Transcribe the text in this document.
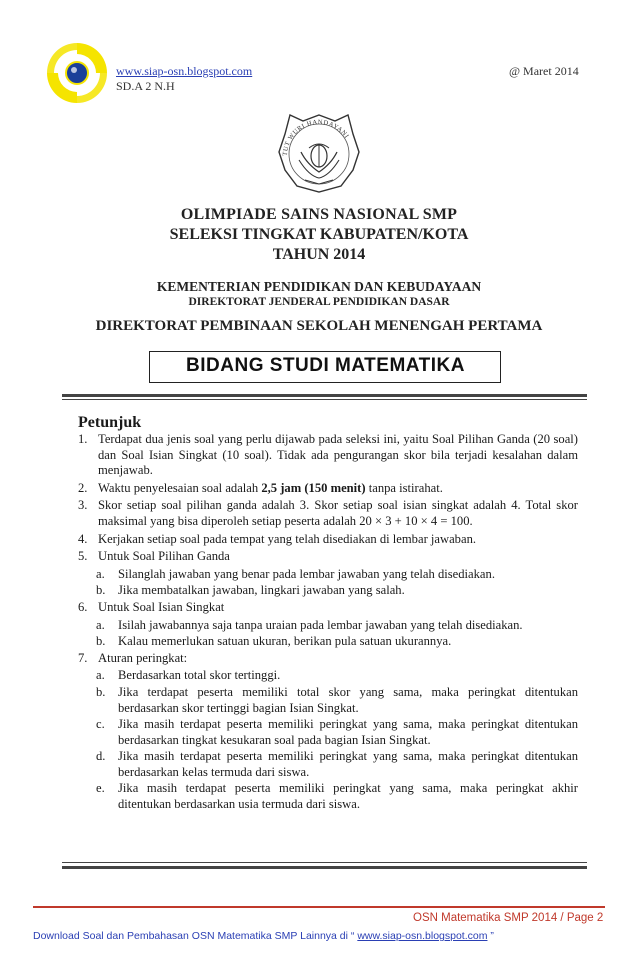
www.siap-osn.blogspot.com
SD.A 2 N.H
@ Maret 2014
TUT WURI HANDAYANI
OLIMPIADE SAINS NASIONAL SMP
SELEKSI TINGKAT KABUPATEN/KOTA
TAHUN 2014
KEMENTERIAN PENDIDIKAN DAN KEBUDAYAAN
DIREKTORAT JENDERAL PENDIDIKAN DASAR
DIREKTORAT PEMBINAAN SEKOLAH MENENGAH PERTAMA
BIDANG STUDI MATEMATIKA
Petunjuk
1. Terdapat dua jenis soal yang perlu dijawab pada seleksi ini, yaitu Soal Pilihan Ganda (20 soal) dan Soal Isian Singkat (10 soal). Tidak ada pengurangan skor bila terjadi kesalahan dalam menjawab.
2. Waktu penyelesaian soal adalah 2,5 jam (150 menit) tanpa istirahat.
3. Skor setiap soal pilihan ganda adalah 3. Skor setiap soal isian singkat adalah 4. Total skor maksimal yang bisa diperoleh setiap peserta adalah 20 × 3 + 10 × 4 = 100.
4. Kerjakan setiap soal pada tempat yang telah disediakan di lembar jawaban.
5. Untuk Soal Pilihan Ganda
a. Silanglah jawaban yang benar pada lembar jawaban yang telah disediakan.
b. Jika membatalkan jawaban, lingkari jawaban yang salah.
6. Untuk Soal Isian Singkat
a. Isilah jawabannya saja tanpa uraian pada lembar jawaban yang telah disediakan.
b. Kalau memerlukan satuan ukuran, berikan pula satuan ukurannya.
7. Aturan peringkat:
a. Berdasarkan total skor tertinggi.
b. Jika terdapat peserta memiliki total skor yang sama, maka peringkat ditentukan berdasarkan skor tertinggi bagian Isian Singkat.
c. Jika masih terdapat peserta memiliki peringkat yang sama, maka peringkat ditentukan berdasarkan tingkat kesukaran soal pada bagian Isian Singkat.
d. Jika masih terdapat peserta memiliki peringkat yang sama, maka peringkat ditentukan berdasarkan kelas termuda dari siswa.
e. Jika masih terdapat peserta memiliki peringkat yang sama, maka peringkat akhir ditentukan berdasarkan usia termuda dari siswa.
OSN Matematika SMP 2014 / Page 2
Download Soal dan Pembahasan OSN Matematika SMP Lainnya di “ www.siap-osn.blogspot.com ”
